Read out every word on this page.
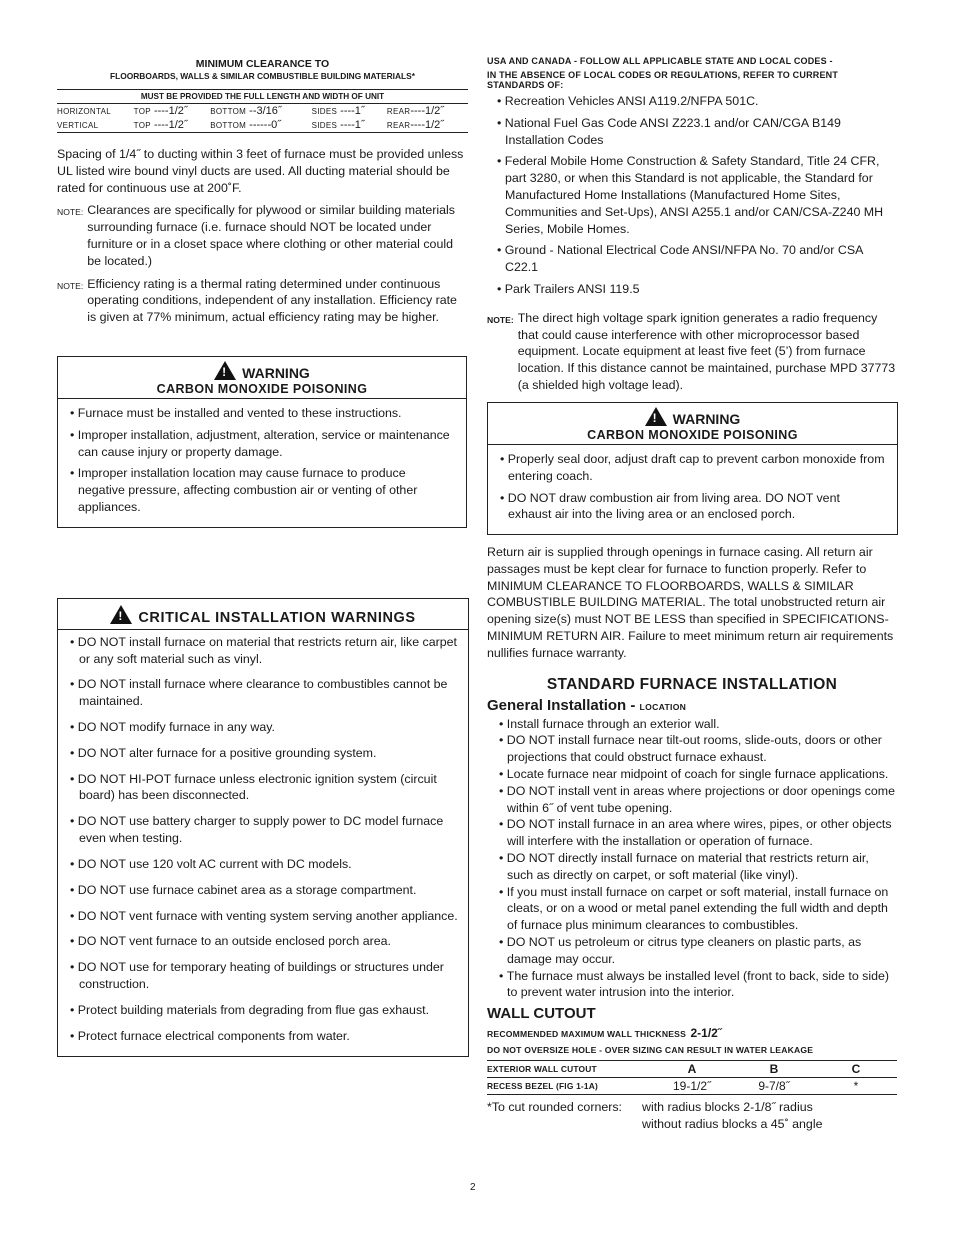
MINIMUM CLEARANCE TO
FLOORBOARDS, WALLS & SIMILAR COMBUSTIBLE BUILDING MATERIALS*
MUST BE PROVIDED THE FULL LENGTH AND WIDTH OF UNIT				
HORIZONTAL	TOP ----1/2˝	BOTTOM --3/16˝	SIDES ----1˝	REAR----1/2˝
VERTICAL	TOP ----1/2˝	BOTTOM ------0˝	SIDES ----1˝	REAR----1/2˝
Spacing of 1/4˝ to ducting within 3 feet of furnace must be provided unless UL listed wire bound vinyl ducts are used. All ducting material should be rated for continuous use at 200˚F.
NOTE: Clearances are specifically for plywood or similar building materials surrounding furnace (i.e. furnace should NOT be located under furniture or in a closet space where clothing or other material could be located.)
NOTE: Efficiency rating is a thermal rating determined under continuous operating conditions, independent of any installation. Efficiency rate is given at 77% minimum, actual efficiency rating may be higher.
!WARNING
CARBON MONOXIDE POISONING
• Furnace must be installed and vented to these instructions.
• Improper installation, adjustment, alteration, service or maintenance can cause injury or property damage.
• Improper installation location may cause furnace to produce negative pressure, affecting combustion air or venting of other appliances.
!CRITICAL INSTALLATION WARNINGS
• DO NOT install furnace on material that restricts return air, like carpet or any soft material such as vinyl.
• DO NOT install furnace where clearance to combustibles cannot be maintained.
• DO NOT modify furnace in any way.
• DO NOT alter furnace for a positive grounding system.
• DO NOT HI-POT furnace unless electronic ignition system (circuit board) has been disconnected.
• DO NOT use battery charger to supply power to DC model furnace even when testing.
• DO NOT use 120 volt AC current with DC models.
• DO NOT use furnace cabinet area as a storage compartment.
• DO NOT vent furnace with venting system serving another appliance.
• DO NOT vent furnace to an outside enclosed porch area.
• DO NOT use for temporary heating of buildings or structures under construction.
• Protect building materials from degrading from flue gas exhaust.
• Protect furnace electrical components from water.
USA AND CANADA - FOLLOW ALL APPLICABLE STATE AND LOCAL CODES -
IN THE ABSENCE OF LOCAL CODES OR REGULATIONS, REFER TO CURRENT STANDARDS OF:
• Recreation Vehicles ANSI A119.2/NFPA 501C.
• National Fuel Gas Code ANSI Z223.1 and/or CAN/CGA B149 Installation Codes
• Federal Mobile Home Construction & Safety Standard, Title 24 CFR, part 3280, or when this Standard is not applicable, the Standard for Manufactured Home Installations (Manufactured Home Sites, Communities and Set-Ups), ANSI A255.1 and/or CAN/CSA-Z240 MH Series, Mobile Homes.
• Ground - National Electrical Code ANSI/NFPA No. 70 and/or CSA C22.1
• Park Trailers ANSI 119.5
NOTE: The direct high voltage spark ignition generates a radio frequency that could cause interference with other microprocessor based equipment. Locate equipment at least five feet (5’) from furnace location. If this distance cannot be maintained, purchase MPD 37773 (a shielded high voltage lead).
!WARNING
CARBON MONOXIDE POISONING
• Properly seal door, adjust draft cap to prevent carbon monoxide from entering coach.
• DO NOT draw combustion air from living area. DO NOT vent exhaust air into the living area or an enclosed porch.
Return air is supplied through openings in furnace casing. All return air passages must be kept clear for furnace to function properly. Refer to MINIMUM CLEARANCE TO FLOORBOARDS, WALLS & SIMILAR COMBUSTIBLE BUILDING MATERIAL. The total unobstructed return air opening size(s) must NOT BE LESS than specified in SPECIFICATIONS-MINIMUM RETURN AIR. Failure to meet minimum return air requirements nullifies furnace warranty.
STANDARD FURNACE INSTALLATION
General Installation - LOCATION
• Install furnace through an exterior wall.
• DO NOT install furnace near tilt-out rooms, slide-outs, doors or other projections that could obstruct furnace exhaust.
• Locate furnace near midpoint of coach for single furnace applications.
• DO NOT install vent in areas where projections or door openings come within 6˝ of vent tube opening.
• DO NOT install furnace in an area where wires, pipes, or other objects will interfere with the installation or operation of furnace.
• DO NOT directly install furnace on material that restricts return air, such as directly on carpet, or soft material (like vinyl).
• If you must install furnace on carpet or soft material, install furnace on cleats, or on a wood or metal panel extending the full width and depth of furnace plus minimum clearances to combustibles.
• DO NOT us petroleum or citrus type cleaners on plastic parts, as damage may occur.
• The furnace must always be installed level (front to back, side to side) to prevent water intrusion into the interior.
WALL CUTOUT
RECOMMENDED MAXIMUM WALL THICKNESS 2-1/2˝
DO NOT OVERSIZE HOLE - OVER SIZING CAN RESULT IN WATER LEAKAGE
EXTERIOR WALL CUTOUT	A	B	C
RECESS BEZEL (FIG 1-1A)	19-1/2˝	9-7/8˝	*
*To cut rounded corners:	with radius blocks 2-1/8˝ radius
without radius blocks a 45˚ angle
2
